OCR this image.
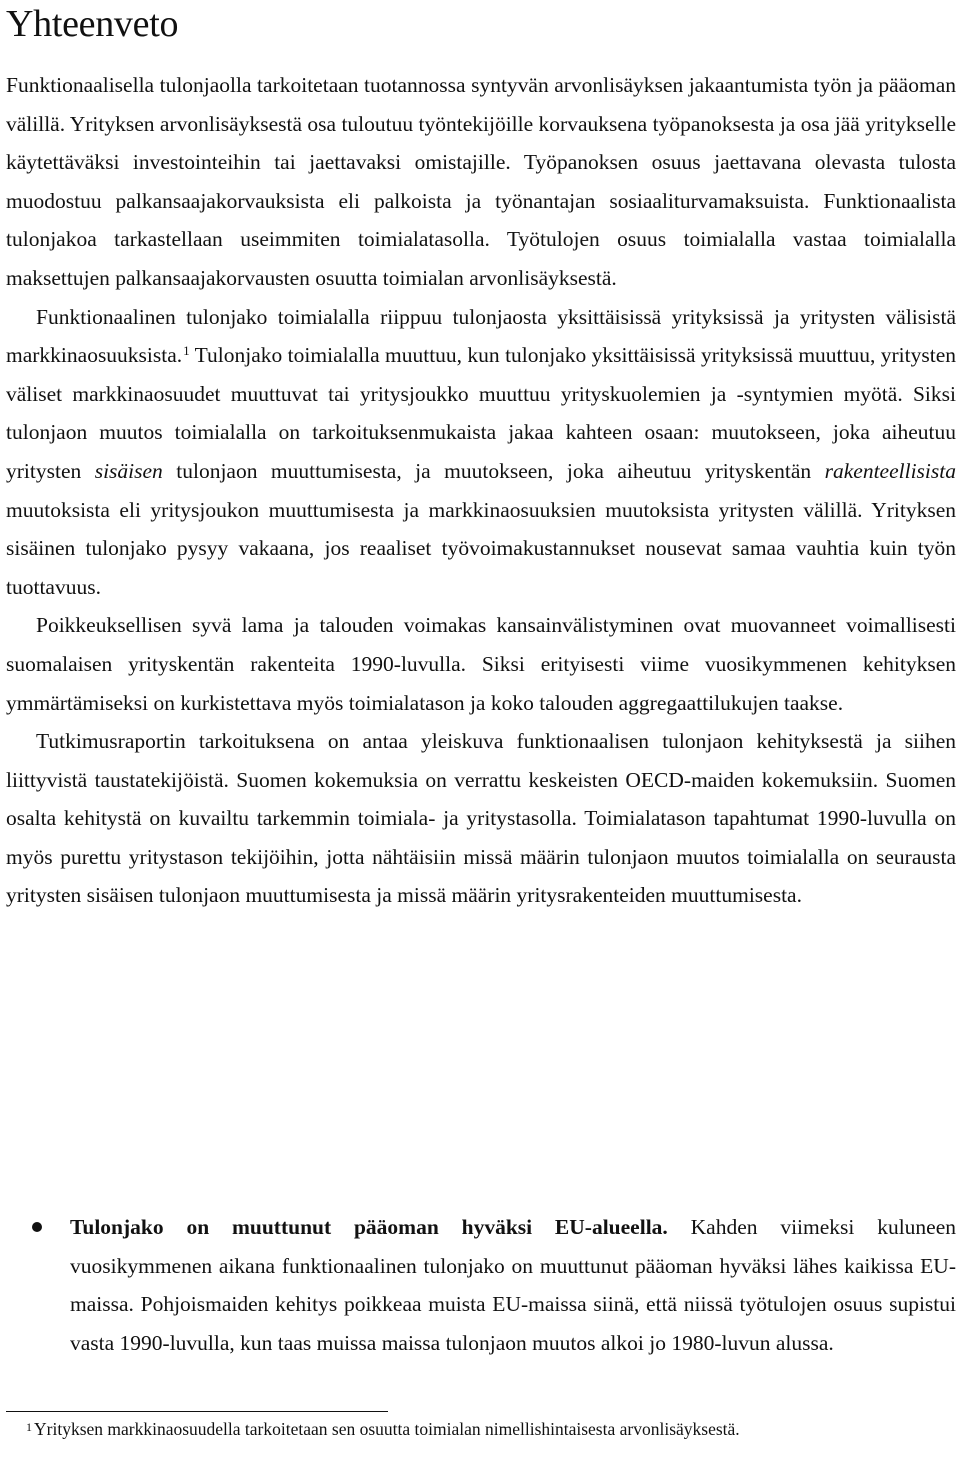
Yhteenveto

Funktionaalisella tulonjaolla tarkoitetaan tuotannossa syntyvän arvonlisäyksen jakaantumista työn ja pääoman välillä. Yrityksen arvonlisäyksestä osa tuloutuu työntekijöille korvauksena työpanoksesta ja osa jää yritykselle käytettäväksi investointeihin tai jaettavaksi omistajille. Työpanoksen osuus jaettavana olevasta tulosta muodostuu palkansaajakorvauksista eli palkoista ja työnantajan sosiaaliturvamaksuista. Funktionaalista tulonjakoa tarkastellaan useimmiten toimialatasolla. Työtulojen osuus toimialalla vastaa toimialalla maksettujen palkansaajakorvausten osuutta toimialan arvonlisäyksestä.

Funktionaalinen tulonjako toimialalla riippuu tulonjaosta yksittäisissä yrityksissä ja yritysten välisistä markkinaosuuksista.$^1$ Tulonjako toimialalla muuttuu, kun tulonjako yksittäisissä yrityksissä muuttuu, yritysten väliset markkinaosuudet muuttuvat tai yritysjoukko muuttuu yrityskuolemien ja -syntymien myötä. Siksi tulonjaon muutos toimialalla on tarkoituksenmukaista jakaa kahteen osaan: muutokseen, joka aiheutuu yritysten sisäisen tulonjaon muuttumisesta, ja muutokseen, joka aiheutuu yrityskentän rakenteellisista muutoksista eli yritysjoukon muuttumisesta ja markkinaosuuksien muutoksista yritysten välillä. Yrityksen sisäinen tulonjako pysyy vakaana, jos reaaliset työvoimakustannukset nousevat samaa vauhtia kuin työn tuottavuus.

Poikkeuksellisen syvä lama ja talouden voimakas kansainvälistyminen ovat muovanneet voimallisesti suomalaisen yrityskentän rakenteita 1990-luvulla. Siksi erityisesti viime vuosikymmenen kehityksen ymmärtämiseksi on kurkistettava myös toimialatason ja koko talouden aggregaattilukujen taakse.

Tutkimusraportin tarkoituksena on antaa yleiskuva funktionaalisen tulonjaon kehityksestä ja siihen liittyvistä taustatekijöistä. Suomen kokemuksia on verrattu keskeisten OECD-maiden kokemuksiin. Suomen osalta kehitystä on kuvailtu tarkemmin toimiala- ja yritystasolla. Toimialatason tapahtumat 1990-luvulla on myös purettu yritystason tekijöihin, jotta nähtäisiin missä määrin tulonjaon muutos toimialalla on seurausta yritysten sisäisen tulonjaon muuttumisesta ja missä määrin yritysrakenteiden muuttumisesta.

Tulonjako on muuttunut pääoman hyväksi EU-alueella. Kahden viimeksi kuluneen vuosikymmenen aikana funktionaalinen tulonjako on muuttunut pääoman hyväksi lähes kaikissa EU-maissa. Pohjoismaiden kehitys poikkeaa muista EU-maissa siinä, että niissä työtulojen osuus supistui vasta 1990-luvulla, kun taas muissa maissa tulonjaon muutos alkoi jo 1980-luvun alussa.
$^1$ Yrityksen markkinaosuudella tarkoitetaan sen osuutta toimialan nimellishintaisesta arvonlisäyksestä.
